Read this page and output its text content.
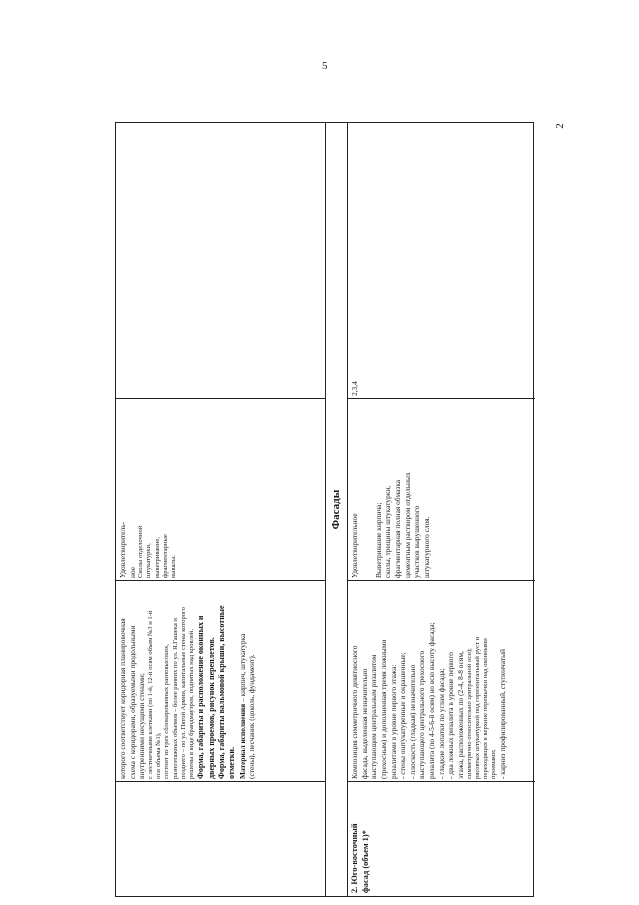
5
2
которого соответствует коридорная планировочная схема с коридорами, образуемыми продольными внутренними несущими стенами; с лестничными клетками (по 1-й, 12-й осям объем №3 и 1-й оси объема №1), состоит из трех сблокированных разновысоких, разноэтажных объемов – более ранних по ул. Я.Гашека и позднего – по ул. Пятой Армии, капитальные стены которого решены в виде брандмауэров, поднятых над кровлей. Форма, габариты и расположение оконных и дверных проемов, рисунок переплетов. Форма, габариты вальмовой крыши, высотные отметки. Материал исполнения – кирпич, штукатурка (стены), песчаник (цоколь, фундамент).
Удовлетворитель- ное Сколы отделочной штукатурки, выветривание, фрагментарные вывалы.
Фасады
2. Юго-восточный фасад (объем 1)*
Композиция симметричного девятиосного фасада, выделенная незначительно выступающим центральным ризалитом (трехосным) и дополненная тремя ложными ризалитами в уровне первого этажа: - стены оштукатуренные и окрашенные; - плоскость (гладкая) незначительно выступающего центрального трехосного ризалита (по 4-5-6-й осям) во всю высоту фасада; - гладкие лопатки по углам фасада; - два ложных ризалита в уровне первого этажа, расположенных по (2-4, 8-8 осям, симметрично относительно центральной оси); рясовтых штукатуркой под горизонтальный руст и переходящих в верхние перемычки над оконными проемами; - карниз профилированный, ступенчатый
Удовлетворительное Выветривание кирпича; сколы, трещины штукатурки, фрагментарная полная обмазка цементным раствором отдельных участков вырушенного штукатурного слоя.
2,3,4
